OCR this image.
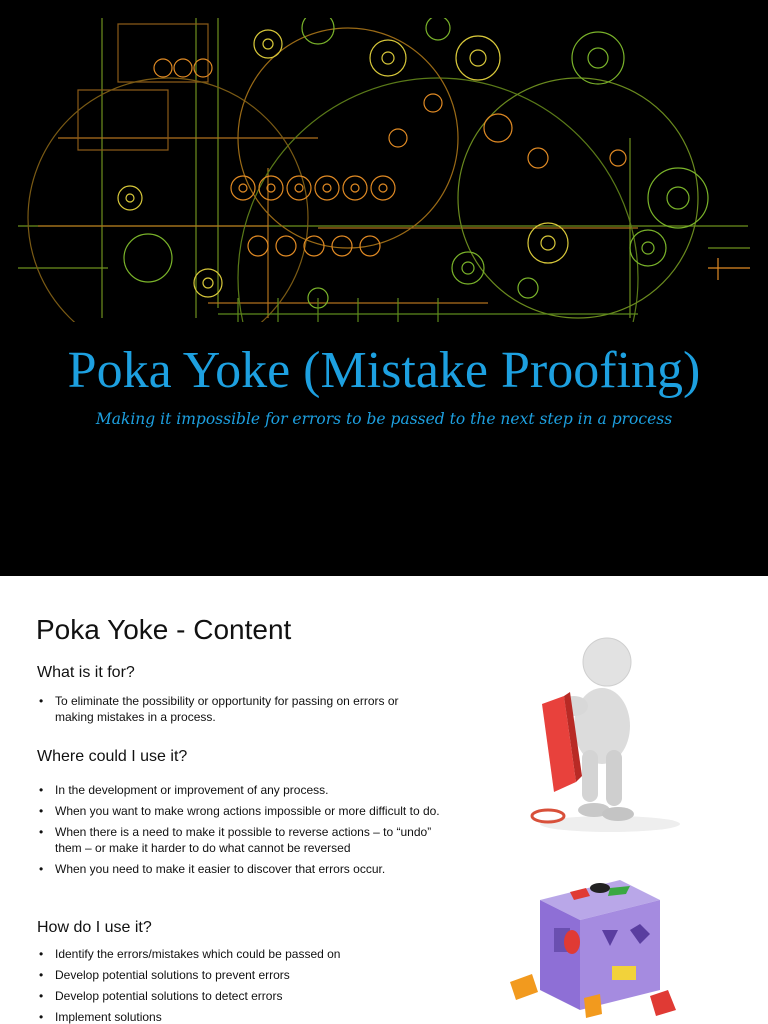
Poka Yoke (Mistake Proofing)
Making it impossible for errors to be passed to the next step in a process
Poka Yoke - Content
What is it for?
• To eliminate the possibility or opportunity for passing on errors or making mistakes in a process.
Where could I use it?
• In the development or improvement of any process.
• When you want to make wrong actions impossible or more difficult to do.
• When there is a need to make it possible to reverse actions – to “undo” them – or make it harder to do what cannot be reversed
• When you need to make it easier to discover that errors occur.
How do I use it?
• Identify the errors/mistakes which could be passed on
• Develop potential solutions to prevent errors
• Develop potential solutions to detect errors
• Implement solutions
